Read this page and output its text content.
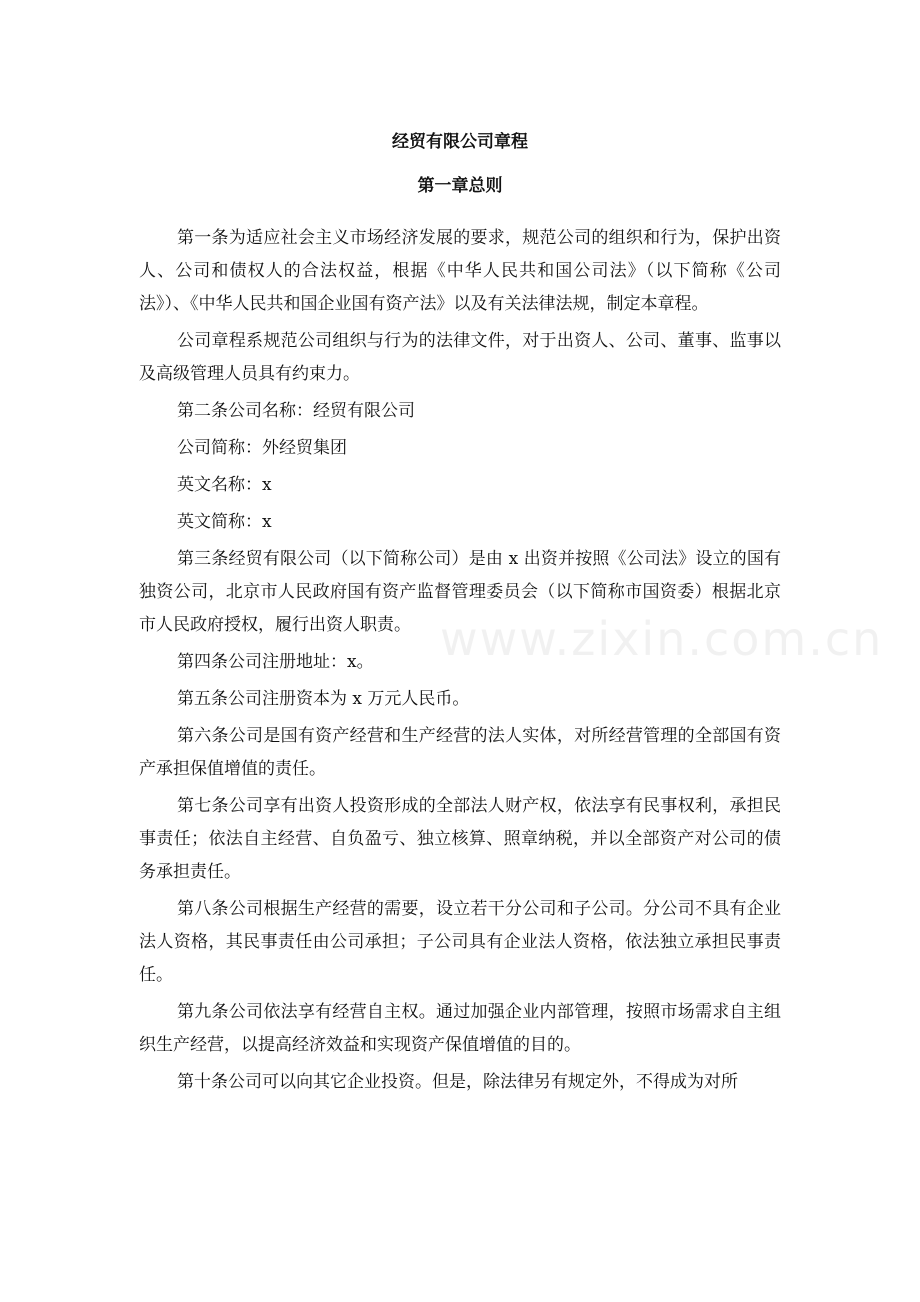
经贸有限公司章程
第一章总则

第一条为适应社会主义市场经济发展的要求，规范公司的组织和行为，保护出资人、公司和债权人的合法权益，根据《中华人民共和国公司法》（以下简称《公司法》）、《中华人民共和国企业国有资产法》以及有关法律法规，制定本章程。

公司章程系规范公司组织与行为的法律文件，对于出资人、公司、董事、监事以及高级管理人员具有约束力。

第二条公司名称：经贸有限公司

公司简称：外经贸集团

英文名称：x

英文简称：x

第三条经贸有限公司（以下简称公司）是由 x 出资并按照《公司法》设立的国有独资公司，北京市人民政府国有资产监督管理委员会（以下简称市国资委）根据北京市人民政府授权，履行出资人职责。

第四条公司注册地址：x。

第五条公司注册资本为 x 万元人民币。

第六条公司是国有资产经营和生产经营的法人实体，对所经营管理的全部国有资产承担保值增值的责任。

第七条公司享有出资人投资形成的全部法人财产权，依法享有民事权利，承担民事责任；依法自主经营、自负盈亏、独立核算、照章纳税，并以全部资产对公司的债务承担责任。

第八条公司根据生产经营的需要，设立若干分公司和子公司。分公司不具有企业法人资格，其民事责任由公司承担；子公司具有企业法人资格，依法独立承担民事责任。

第九条公司依法享有经营自主权。通过加强企业内部管理，按照市场需求自主组织生产经营，以提高经济效益和实现资产保值增值的目的。

第十条公司可以向其它企业投资。但是，除法律另有规定外，不得成为对所

www.zixin.com.cn
